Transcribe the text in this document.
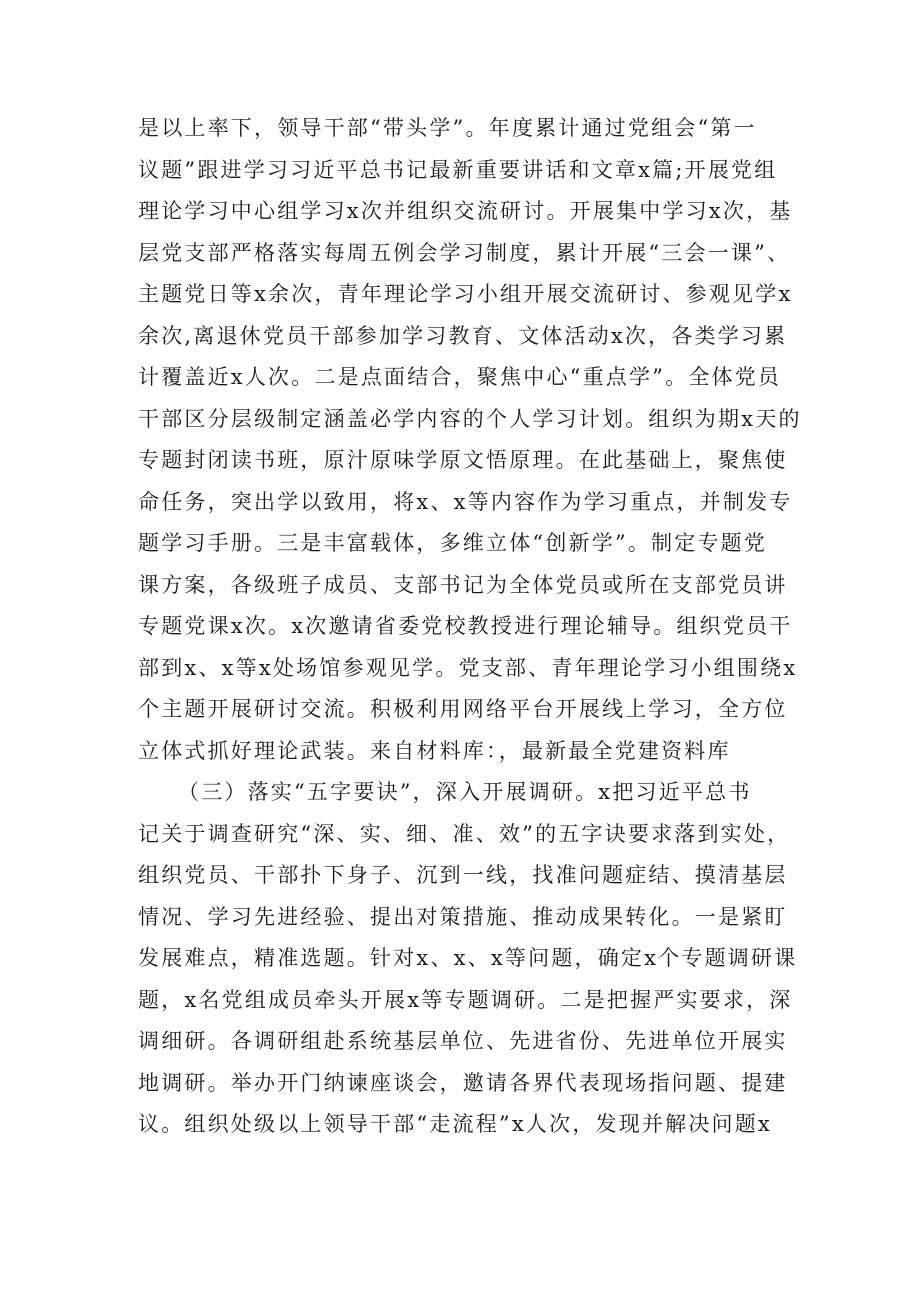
是以上率下，领导干部“带头学”。年度累计通过党组会“第一
议题”跟进学习习近平总书记最新重要讲话和文章x篇;开展党组
理论学习中心组学习x次并组织交流研讨。开展集中学习x次，基
层党支部严格落实每周五例会学习制度，累计开展“三会一课”、
主题党日等x余次，青年理论学习小组开展交流研讨、参观见学x
余次,离退休党员干部参加学习教育、文体活动x次，各类学习累
计覆盖近x人次。二是点面结合，聚焦中心“重点学”。全体党员
干部区分层级制定涵盖必学内容的个人学习计划。组织为期x天的
专题封闭读书班，原汁原味学原文悟原理。在此基础上，聚焦使
命任务，突出学以致用，将x、x等内容作为学习重点，并制发专
题学习手册。三是丰富载体，多维立体“创新学”。制定专题党
课方案，各级班子成员、支部书记为全体党员或所在支部党员讲
专题党课x次。x次邀请省委党校教授进行理论辅导。组织党员干
部到x、x等x处场馆参观见学。党支部、青年理论学习小组围绕x
个主题开展研讨交流。积极利用网络平台开展线上学习，全方位
立体式抓好理论武装。来自材料库：，最新最全党建资料库
（三）落实“五字要诀”，深入开展调研。x把习近平总书
记关于调查研究“深、实、细、准、效”的五字诀要求落到实处，
组织党员、干部扑下身子、沉到一线，找准问题症结、摸清基层
情况、学习先进经验、提出对策措施、推动成果转化。一是紧盯
发展难点，精准选题。针对x、x、x等问题，确定x个专题调研课
题，x名党组成员牵头开展x等专题调研。二是把握严实要求，深
调细研。各调研组赴系统基层单位、先进省份、先进单位开展实
地调研。举办开门纳谏座谈会，邀请各界代表现场指问题、提建
议。组织处级以上领导干部“走流程”x人次，发现并解决问题x
